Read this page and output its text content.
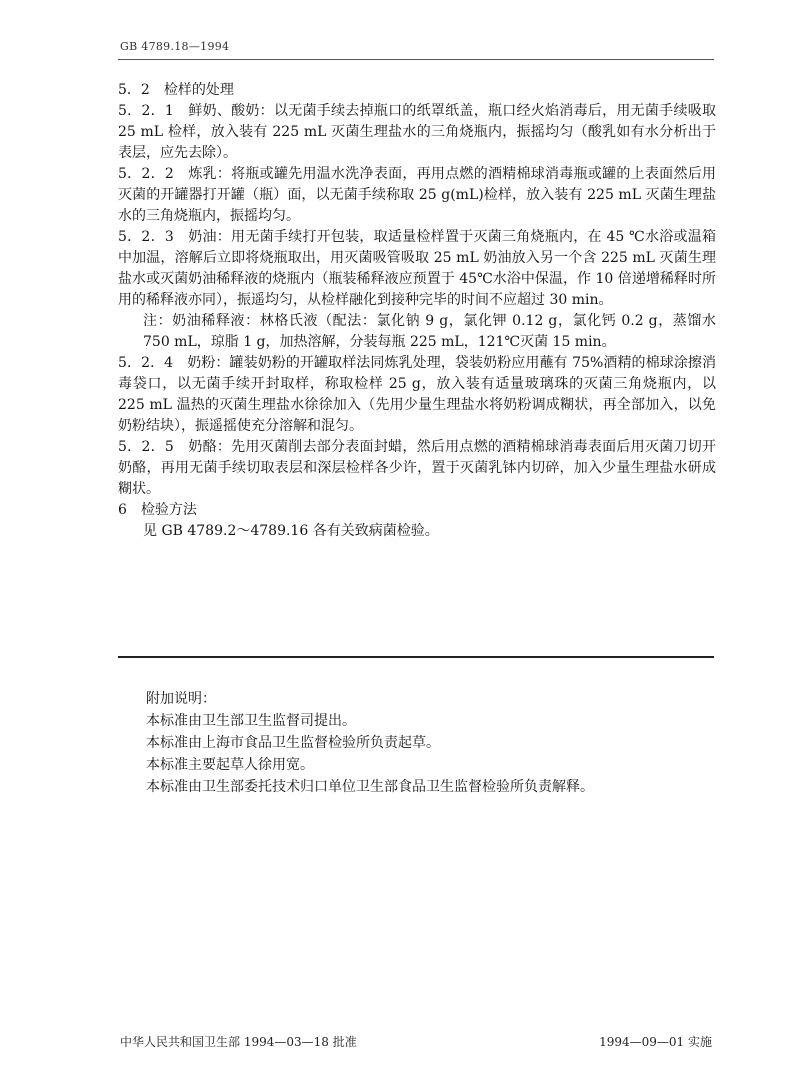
GB 4789.18—1994

5．2　检样的处理

5．2．1　鲜奶、酸奶：以无菌手续去掉瓶口的纸罩纸盖，瓶口经火焰消毒后，用无菌手续吸取 25 mL 检样，放入装有 225 mL 灭菌生理盐水的三角烧瓶内，振摇均匀（酸乳如有水分析出于表层，应先去除）。

5．2．2　炼乳：将瓶或罐先用温水洗净表面，再用点燃的酒精棉球消毒瓶或罐的上表面然后用灭菌的开罐器打开罐（瓶）面，以无菌手续称取 25 g(mL)检样，放入装有 225 mL 灭菌生理盐水的三角烧瓶内，振摇均匀。

5．2．3　奶油：用无菌手续打开包装，取适量检样置于灭菌三角烧瓶内，在 45 ℃水浴或温箱中加温，溶解后立即将烧瓶取出，用灭菌吸管吸取 25 mL 奶油放入另一个含 225 mL 灭菌生理盐水或灭菌奶油稀释液的烧瓶内（瓶装稀释液应预置于 45℃水浴中保温，作 10 倍递增稀释时所用的稀释液亦同），振遥均匀，从检样融化到接种完毕的时间不应超过 30 min。

注：奶油稀释液：林格氏液（配法：氯化钠 9 g，氯化钾 0.12 g，氯化钙 0.2 g，蒸馏水 750 mL，琼脂 1 g，加热溶解，分装每瓶 225 mL，121℃灭菌 15 min。

5．2．4　奶粉：罐装奶粉的开罐取样法同炼乳处理，袋装奶粉应用蘸有 75%酒精的棉球涂擦消毒袋口，以无菌手续开封取样，称取检样 25 g，放入装有适量玻璃珠的灭菌三角烧瓶内，以 225 mL 温热的灭菌生理盐水徐徐加入（先用少量生理盐水将奶粉调成糊状，再全部加入，以免奶粉结块），振遥摇使充分溶解和混匀。

5．2．5　奶酪：先用灭菌削去部分表面封蜡，然后用点燃的酒精棉球消毒表面后用灭菌刀切开奶酪，再用无菌手续切取表层和深层检样各少许，置于灭菌乳钵内切碎，加入少量生理盐水研成糊状。

6　检验方法

见 GB 4789.2～4789.16 各有关致病菌检验。

附加说明：

本标准由卫生部卫生监督司提出。

本标准由上海市食品卫生监督检验所负责起草。

本标准主要起草人徐用宽。

本标准由卫生部委托技术归口单位卫生部食品卫生监督检验所负责解释。

中华人民共和国卫生部 1994—03—18 批准	1994—09—01 实施
